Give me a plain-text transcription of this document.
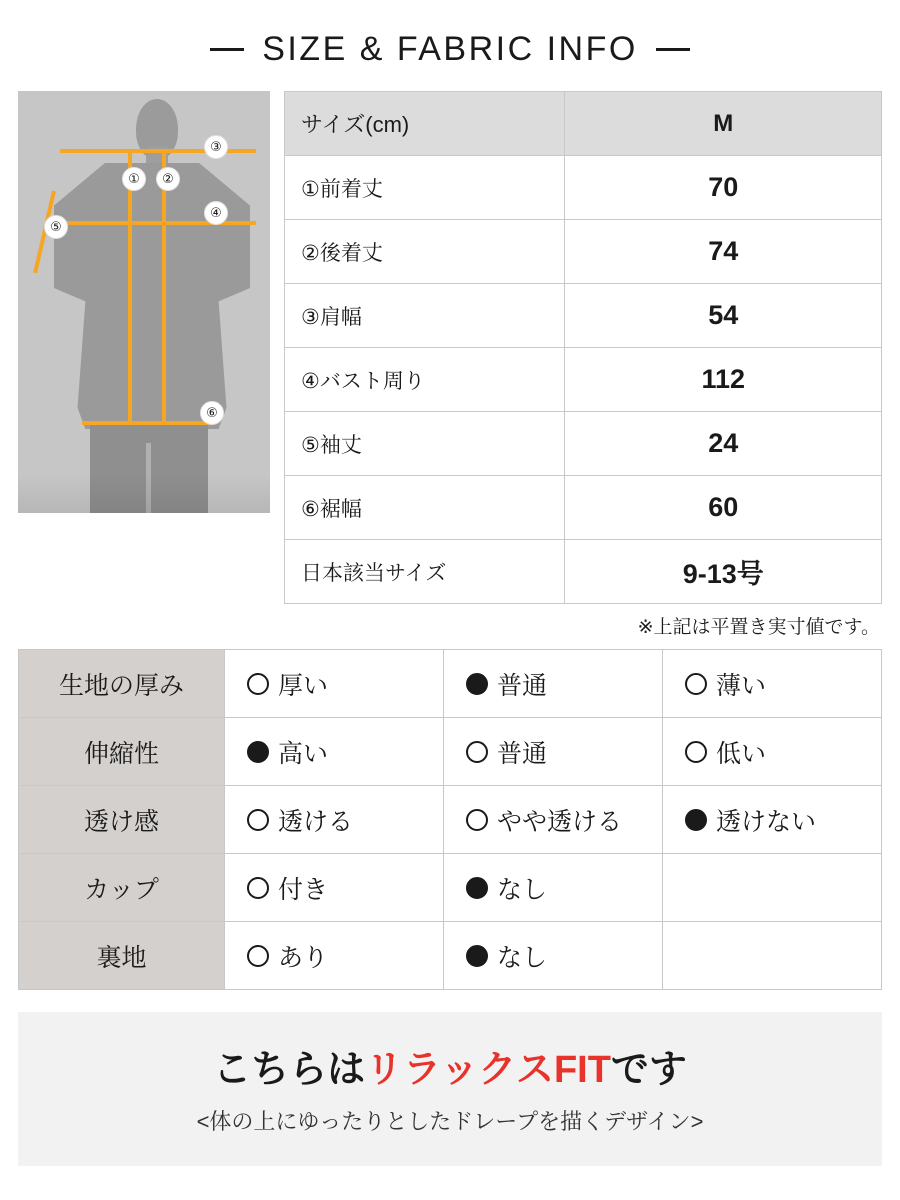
SIZE & FABRIC INFO
①	②
③
④
⑤
⑥
サイズ(cm)	M
①前着丈	70
②後着丈	74
③肩幅	54
④バスト周り	112
⑤袖丈	24
⑥裾幅	60
日本該当サイズ	9-13号
※上記は平置き実寸値です。
生地の厚み	厚い	普通	薄い

伸縮性	高い	普通	低い

透け感	透ける	やや透ける	透けない

カップ	付き	なし	

裏地	あり	なし	

こちらはリラックスFITです
<体の上にゆったりとしたドレープを描くデザイン>
